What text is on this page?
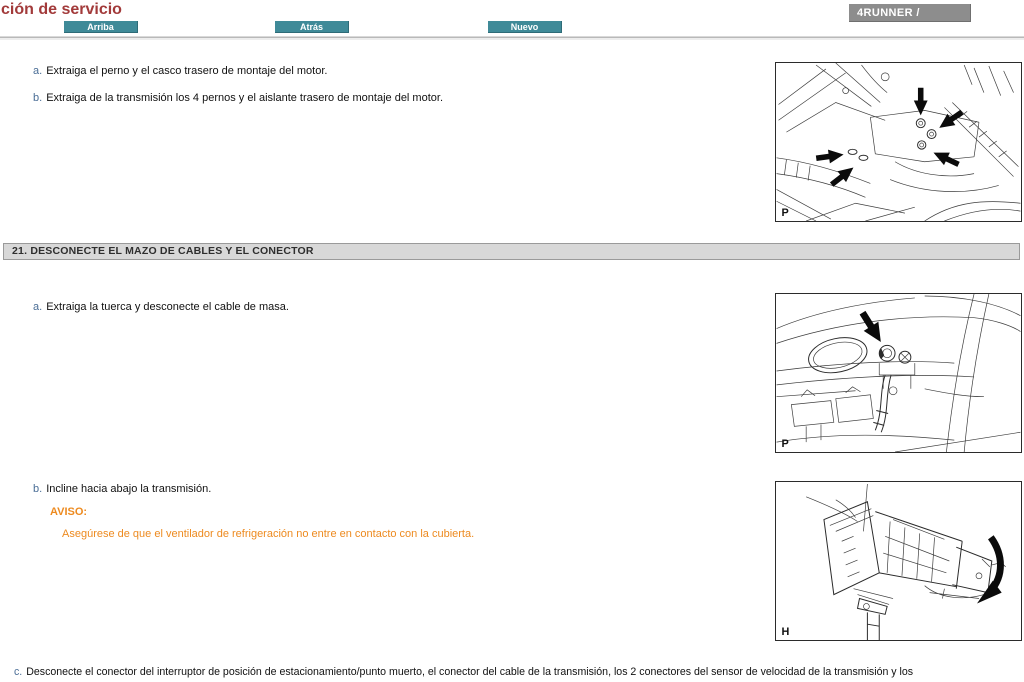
ción de servicio
Arriba	Atrás	Nuevo
4RUNNER /
a. Extraiga el perno y el casco trasero de montaje del motor.
b. Extraiga de la transmisión los 4 pernos y el aislante trasero de montaje del motor.
P
21. DESCONECTE EL MAZO DE CABLES Y EL CONECTOR
a. Extraiga la tuerca y desconecte el cable de masa.
P
b. Incline hacia abajo la transmisión.
AVISO:
Asegúrese de que el ventilador de refrigeración no entre en contacto con la cubierta.
H
c. Desconecte el conector del interruptor de posición de estacionamiento/punto muerto, el conector del cable de la transmisión, los 2 conectores del sensor de velocidad de la transmisión y los
